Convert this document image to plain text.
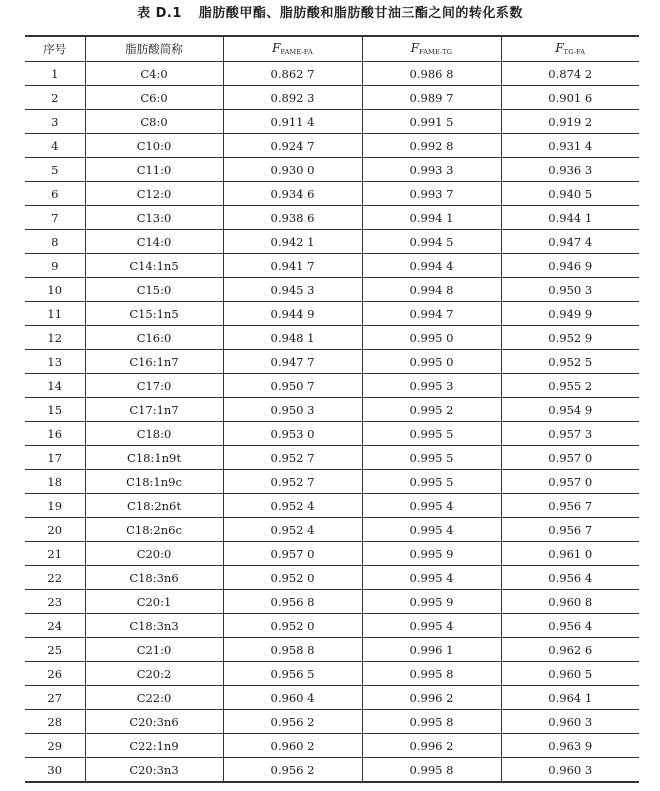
表 D.1 脂肪酸甲酯、脂肪酸和脂肪酸甘油三酯之间的转化系数
序号	脂肪酸简称	FFAME-FA	FFAME-TG	FTG-FA
1	C4:0	0.862 7	0.986 8	0.874 2
2	C6:0	0.892 3	0.989 7	0.901 6
3	C8:0	0.911 4	0.991 5	0.919 2
4	C10:0	0.924 7	0.992 8	0.931 4
5	C11:0	0.930 0	0.993 3	0.936 3
6	C12:0	0.934 6	0.993 7	0.940 5
7	C13:0	0.938 6	0.994 1	0.944 1
8	C14:0	0.942 1	0.994 5	0.947 4
9	C14:1n5	0.941 7	0.994 4	0.946 9
10	C15:0	0.945 3	0.994 8	0.950 3
11	C15:1n5	0.944 9	0.994 7	0.949 9
12	C16:0	0.948 1	0.995 0	0.952 9
13	C16:1n7	0.947 7	0.995 0	0.952 5
14	C17:0	0.950 7	0.995 3	0.955 2
15	C17:1n7	0.950 3	0.995 2	0.954 9
16	C18:0	0.953 0	0.995 5	0.957 3
17	C18:1n9t	0.952 7	0.995 5	0.957 0
18	C18:1n9c	0.952 7	0.995 5	0.957 0
19	C18:2n6t	0.952 4	0.995 4	0.956 7
20	C18:2n6c	0.952 4	0.995 4	0.956 7
21	C20:0	0.957 0	0.995 9	0.961 0
22	C18:3n6	0.952 0	0.995 4	0.956 4
23	C20:1	0.956 8	0.995 9	0.960 8
24	C18:3n3	0.952 0	0.995 4	0.956 4
25	C21:0	0.958 8	0.996 1	0.962 6
26	C20:2	0.956 5	0.995 8	0.960 5
27	C22:0	0.960 4	0.996 2	0.964 1
28	C20:3n6	0.956 2	0.995 8	0.960 3
29	C22:1n9	0.960 2	0.996 2	0.963 9
30	C20:3n3	0.956 2	0.995 8	0.960 3
